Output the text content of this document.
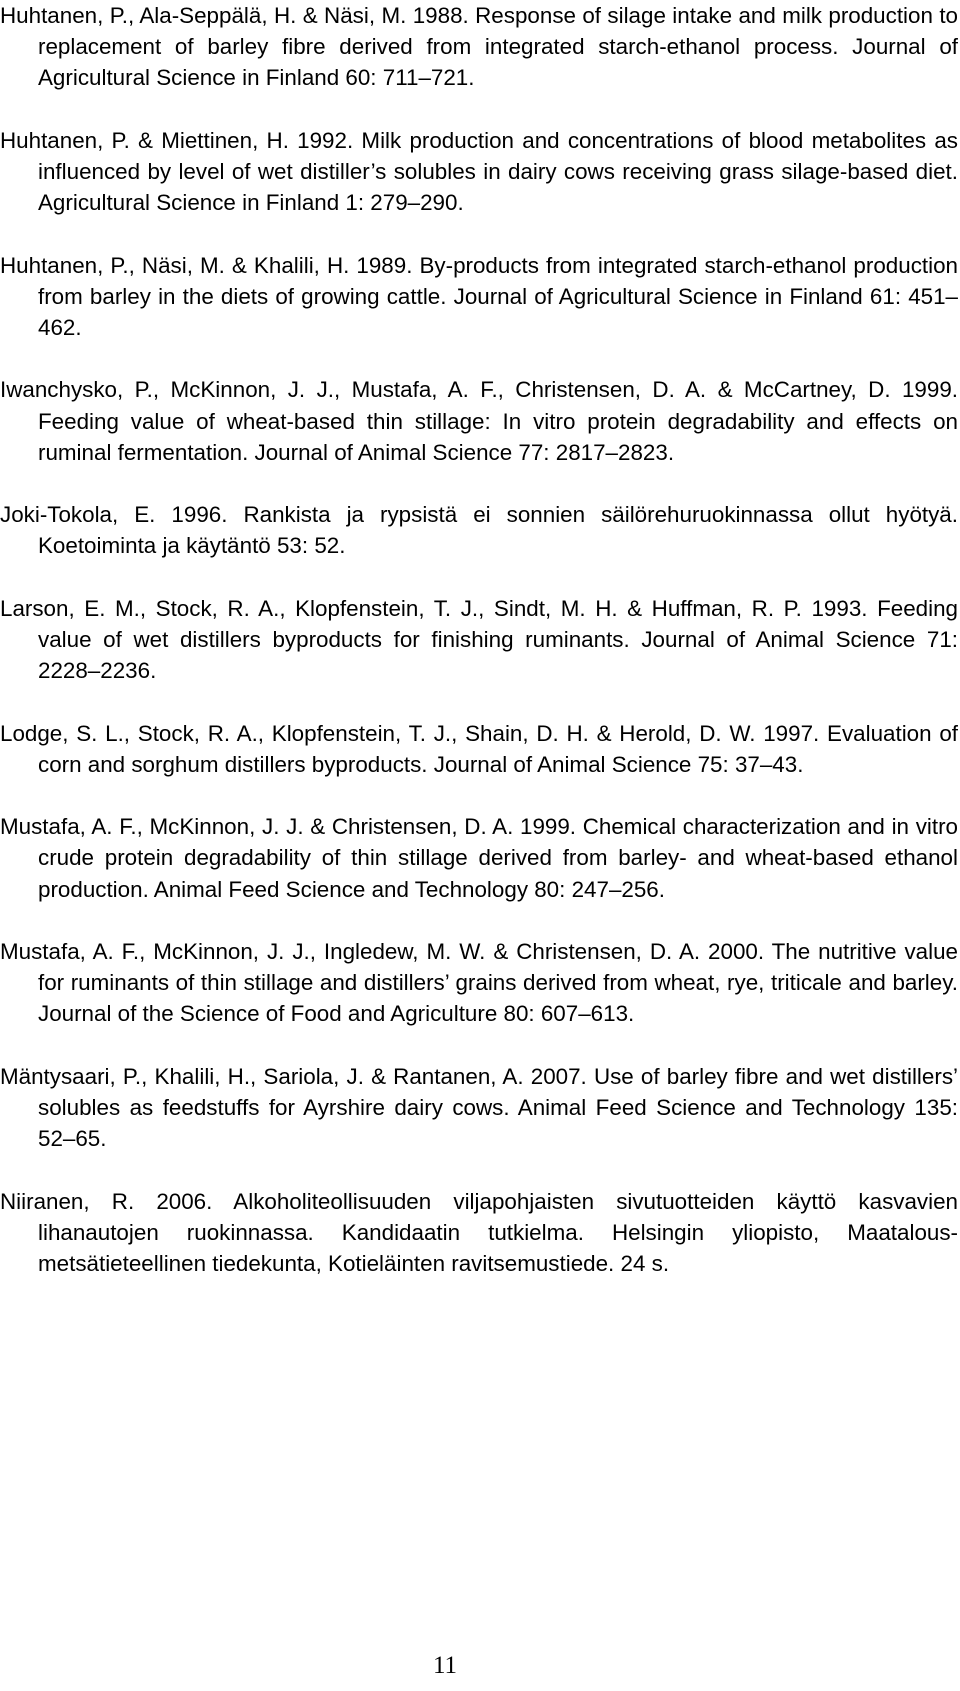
Huhtanen, P., Ala-Seppälä, H. & Näsi, M. 1988. Response of silage intake and milk production to replacement of barley fibre derived from integrated starch-ethanol process. Journal of Agricultural Science in Finland 60: 711–721.

Huhtanen, P. & Miettinen, H. 1992. Milk production and concentrations of blood metabolites as influenced by level of wet distiller’s solubles in dairy cows receiving grass silage-based diet. Agricultural Science in Finland 1: 279–290.

Huhtanen, P., Näsi, M. & Khalili, H. 1989. By-products from integrated starch-ethanol production from barley in the diets of growing cattle. Journal of Agricultural Science in Finland 61: 451–462.

Iwanchysko, P., McKinnon, J. J., Mustafa, A. F., Christensen, D. A. & McCartney, D. 1999. Feeding value of wheat-based thin stillage: In vitro protein degradability and effects on ruminal fermentation. Journal of Animal Science 77: 2817–2823.

Joki-Tokola, E. 1996. Rankista ja rypsistä ei sonnien säilörehuruokinnassa ollut hyötyä. Koetoiminta ja käytäntö 53: 52.

Larson, E. M., Stock, R. A., Klopfenstein, T. J., Sindt, M. H. & Huffman, R. P. 1993. Feeding value of wet distillers byproducts for finishing ruminants. Journal of Animal Science 71: 2228–2236.

Lodge, S. L., Stock, R. A., Klopfenstein, T. J., Shain, D. H. & Herold, D. W. 1997. Evaluation of corn and sorghum distillers byproducts. Journal of Animal Science 75: 37–43.

Mustafa, A. F., McKinnon, J. J. & Christensen, D. A. 1999. Chemical characterization and in vitro crude protein degradability of thin stillage derived from barley- and wheat-based ethanol production. Animal Feed Science and Technology 80: 247–256.

Mustafa, A. F., McKinnon, J. J., Ingledew, M. W. & Christensen, D. A. 2000. The nutritive value for ruminants of thin stillage and distillers’ grains derived from wheat, rye, triticale and barley. Journal of the Science of Food and Agriculture 80: 607–613.

Mäntysaari, P., Khalili, H., Sariola, J. & Rantanen, A. 2007. Use of barley fibre and wet distillers’ solubles as feedstuffs for Ayrshire dairy cows. Animal Feed Science and Technology 135: 52–65.

Niiranen, R. 2006. Alkoholiteollisuuden viljapohjaisten sivutuotteiden käyttö kasvavien lihanautojen ruokinnassa. Kandidaatin tutkielma. Helsingin yliopisto, Maatalous-metsätieteellinen tiedekunta, Kotieläinten ravitsemustiede. 24 s.

11
